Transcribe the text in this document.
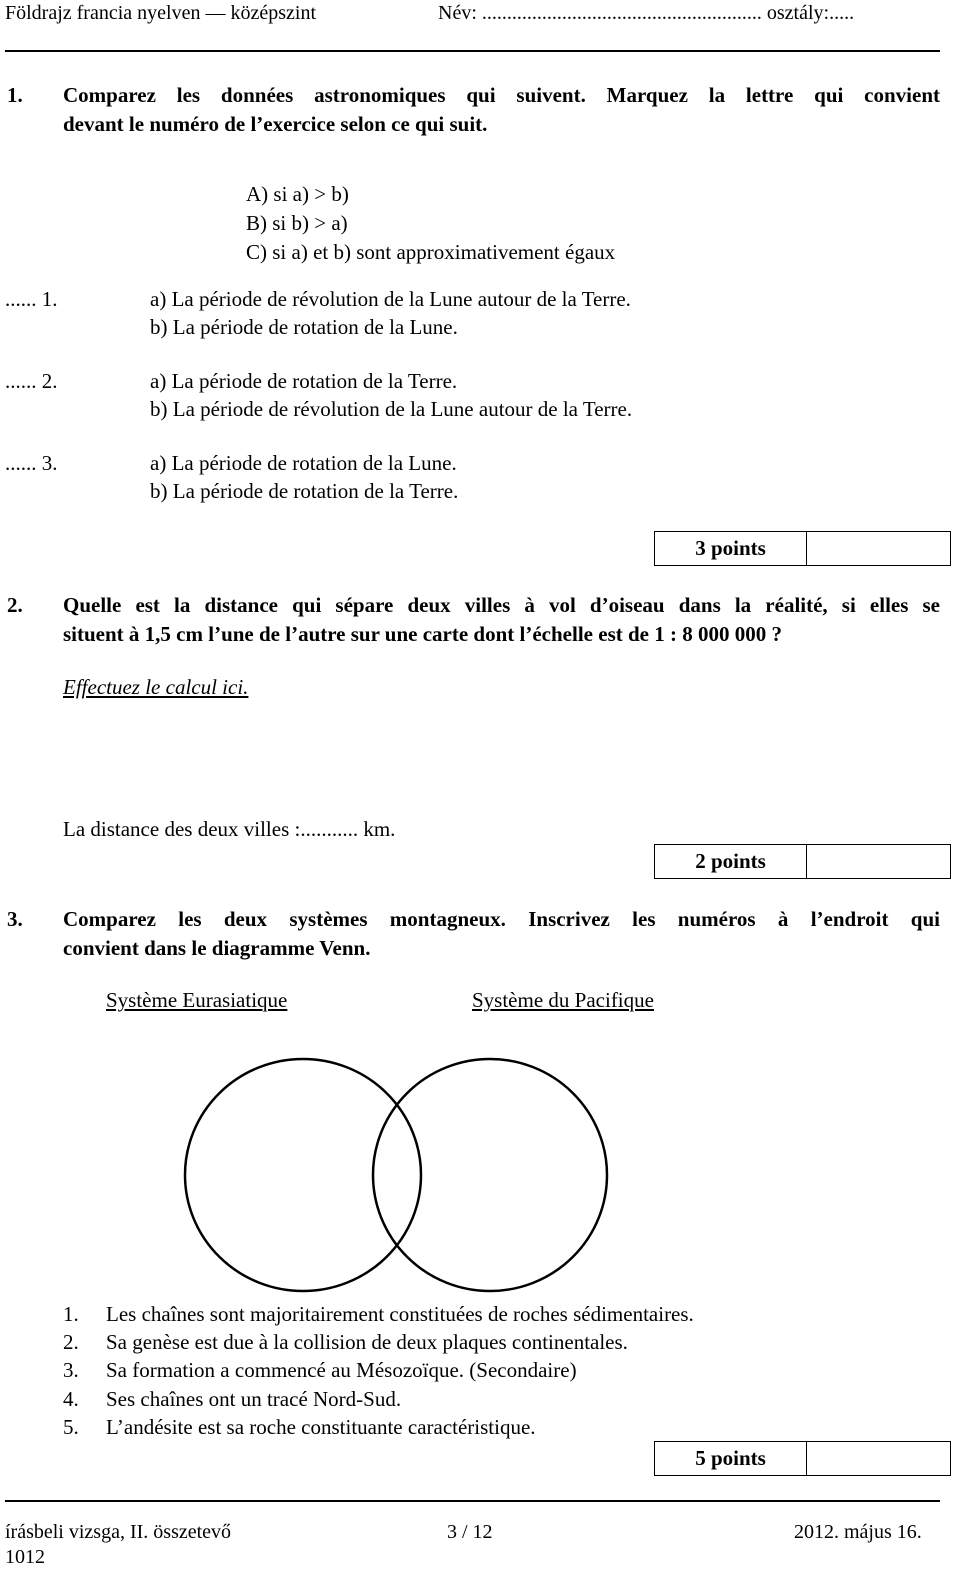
Földrajz francia nyelven — középszint	Név: ........................................................ osztály:.....
1. Comparez les données astronomiques qui suivent. Marquez la lettre qui convient
devant le numéro de l’exercice selon ce qui suit.
A) si a) > b)
B) si b) > a)
C) si a) et b) sont approximativement égaux
...... 1.	a) La période de révolution de la Lune autour de la Terre.
b) La période de rotation de la Lune.
...... 2.	a) La période de rotation de la Terre.
b) La période de révolution de la Lune autour de la Terre.
...... 3.	a) La période de rotation de la Lune.
b) La période de rotation de la Terre.
3 points
2. Quelle est la distance qui sépare deux villes à vol d’oiseau dans la réalité, si elles se
situent à 1,5 cm l’une de l’autre sur une carte dont l’échelle est de 1 : 8 000 000 ?
Effectuez le calcul ici.
La distance des deux villes :........... km.
2 points
3. Comparez les deux systèmes montagneux. Inscrivez les numéros à l’endroit qui
convient dans le diagramme Venn.
Système Eurasiatique	Système du Pacifique
1. Les chaînes sont majoritairement constituées de roches sédimentaires.
2. Sa genèse est due à la collision de deux plaques continentales.
3. Sa formation a commencé au Mésozoïque. (Secondaire)
4. Ses chaînes ont un tracé Nord-Sud.
5. L’andésite est sa roche constituante caractéristique.
5 points
írásbeli vizsga, II. összetevő
1012
3 / 12	2012. május 16.
